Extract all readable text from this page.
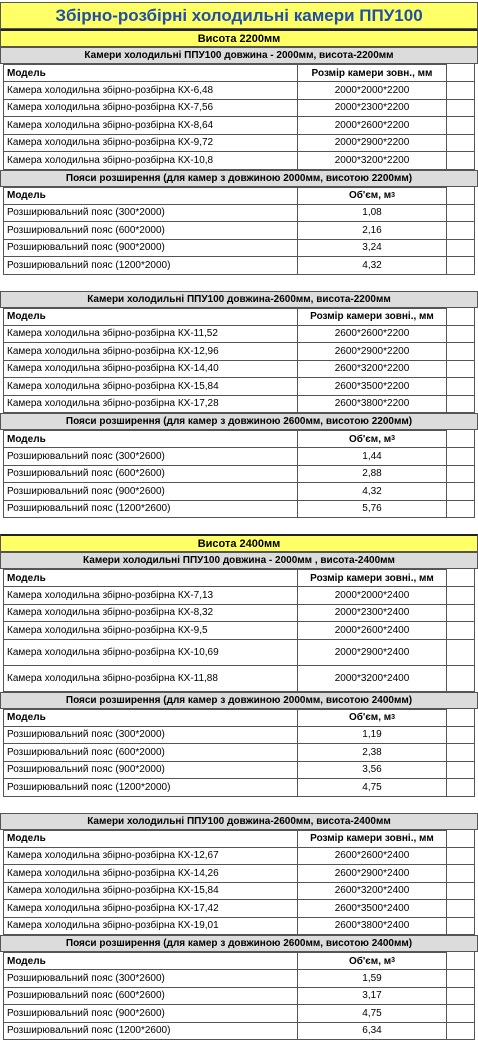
Збірно-розбірні холодильні камери ППУ100
Висота 2200мм
Камери холодильні ППУ100 довжина - 2000мм, висота-2200мм
Модель	Розмір камери зовн., мм
Камера холодильна збірно-розбірна КХ-6,48	2000*2000*2200
Камера холодильна збірно-розбірна КХ-7,56	2000*2300*2200
Камера холодильна збірно-розбірна КХ-8,64	2000*2600*2200
Камера холодильна збірно-розбірна КХ-9,72	2000*2900*2200
Камера холодильна збірно-розбірна КХ-10,8	2000*3200*2200
Пояси розширення (для камер з довжиною 2000мм, висотою 2200мм)
Модель	Об'єм, м 3
Розширювальний пояс (300*2000)	1,08
Розширювальний пояс (600*2000)	2,16
Розширювальний пояс (900*2000)	3,24
Розширювальний пояс (1200*2000)	4,32
Камери холодильні ППУ100 довжина-2600мм, висота-2200мм
Модель	Розмір камери зовні., мм
Камера холодильна збірно-розбірна КХ-11,52	2600*2600*2200
Камера холодильна збірно-розбірна КХ-12,96	2600*2900*2200
Камера холодильна збірно-розбірна КХ-14,40	2600*3200*2200
Камера холодильна збірно-розбірна КХ-15,84	2600*3500*2200
Камера холодильна збірно-розбірна КХ-17,28	2600*3800*2200
Пояси розширення (для камер з довжиною 2600мм, висотою 2200мм)
Модель	Об'єм, м 3
Розширювальний пояс (300*2600)	1,44
Розширювальний пояс (600*2600)	2,88
Розширювальний пояс (900*2600)	4,32
Розширювальний пояс (1200*2600)	5,76
Висота 2400мм
Камери холодильні ППУ100 довжина - 2000мм , висота-2400мм
Модель	Розмір камери зовні., мм
Камера холодильна збірно-розбірна КХ-7,13	2000*2000*2400
Камера холодильна збірно-розбірна КХ-8,32	2000*2300*2400
Камера холодильна збірно-розбірна КХ-9,5	2000*2600*2400
Камера холодильна збірно-розбірна КХ-10,69	2000*2900*2400
Камера холодильна збірно-розбірна КХ-11,88	2000*3200*2400
Пояси розширення (для камер з довжиною 2000мм, висотою 2400мм)
Модель	Об'єм, м 3
Розширювальний пояс (300*2000)	1,19
Розширювальний пояс (600*2000)	2,38
Розширювальний пояс (900*2000)	3,56
Розширювальний пояс (1200*2000)	4,75
Камери холодильні ППУ100 довжина-2600мм, висота-2400мм
Модель	Розмір камери зовні., мм
Камера холодильна збірно-розбірна КХ-12,67	2600*2600*2400
Камера холодильна збірно-розбірна КХ-14,26	2600*2900*2400
Камера холодильна збірно-розбірна КХ-15,84	2600*3200*2400
Камера холодильна збірно-розбірна КХ-17,42	2600*3500*2400
Камера холодильна збірно-розбірна КХ-19,01	2600*3800*2400
Пояси розширення (для камер з довжиною 2600мм, висотою 2400мм)
Модель	Об'єм, м 3
Розширювальний пояс (300*2600)	1,59
Розширювальний пояс (600*2600)	3,17
Розширювальний пояс (900*2600)	4,75
Розширювальний пояс (1200*2600)	6,34
